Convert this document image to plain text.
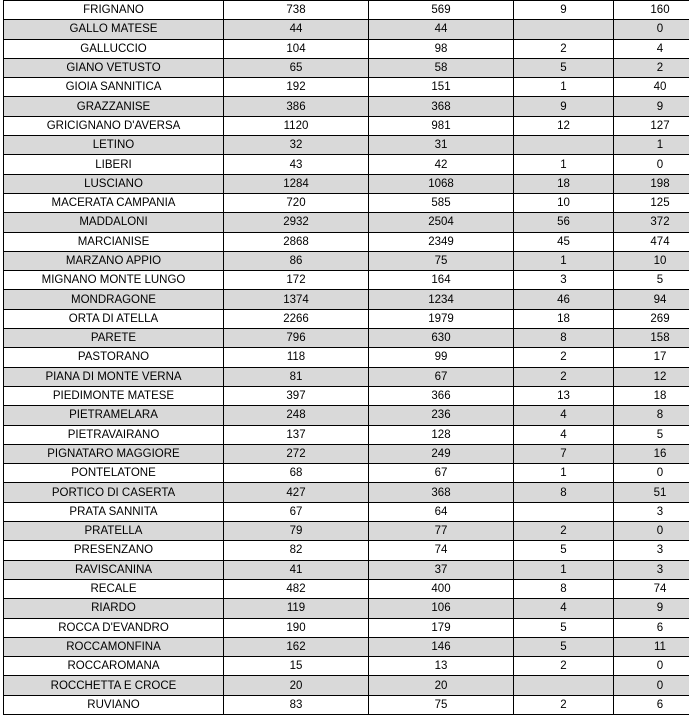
FRIGNANO	738	569	9	160
GALLO MATESE	44	44		0
GALLUCCIO	104	98	2	4
GIANO VETUSTO	65	58	5	2
GIOIA SANNITICA	192	151	1	40
GRAZZANISE	386	368	9	9
GRICIGNANO D'AVERSA	1120	981	12	127
LETINO	32	31		1
LIBERI	43	42	1	0
LUSCIANO	1284	1068	18	198
MACERATA CAMPANIA	720	585	10	125
MADDALONI	2932	2504	56	372
MARCIANISE	2868	2349	45	474
MARZANO APPIO	86	75	1	10
MIGNANO MONTE LUNGO	172	164	3	5
MONDRAGONE	1374	1234	46	94
ORTA DI ATELLA	2266	1979	18	269
PARETE	796	630	8	158
PASTORANO	118	99	2	17
PIANA DI MONTE VERNA	81	67	2	12
PIEDIMONTE MATESE	397	366	13	18
PIETRAMELARA	248	236	4	8
PIETRAVAIRANO	137	128	4	5
PIGNATARO MAGGIORE	272	249	7	16
PONTELATONE	68	67	1	0
PORTICO DI CASERTA	427	368	8	51
PRATA SANNITA	67	64		3
PRATELLA	79	77	2	0
PRESENZANO	82	74	5	3
RAVISCANINA	41	37	1	3
RECALE	482	400	8	74
RIARDO	119	106	4	9
ROCCA D'EVANDRO	190	179	5	6
ROCCAMONFINA	162	146	5	11
ROCCAROMANA	15	13	2	0
ROCCHETTA E CROCE	20	20		0
RUVIANO	83	75	2	6
